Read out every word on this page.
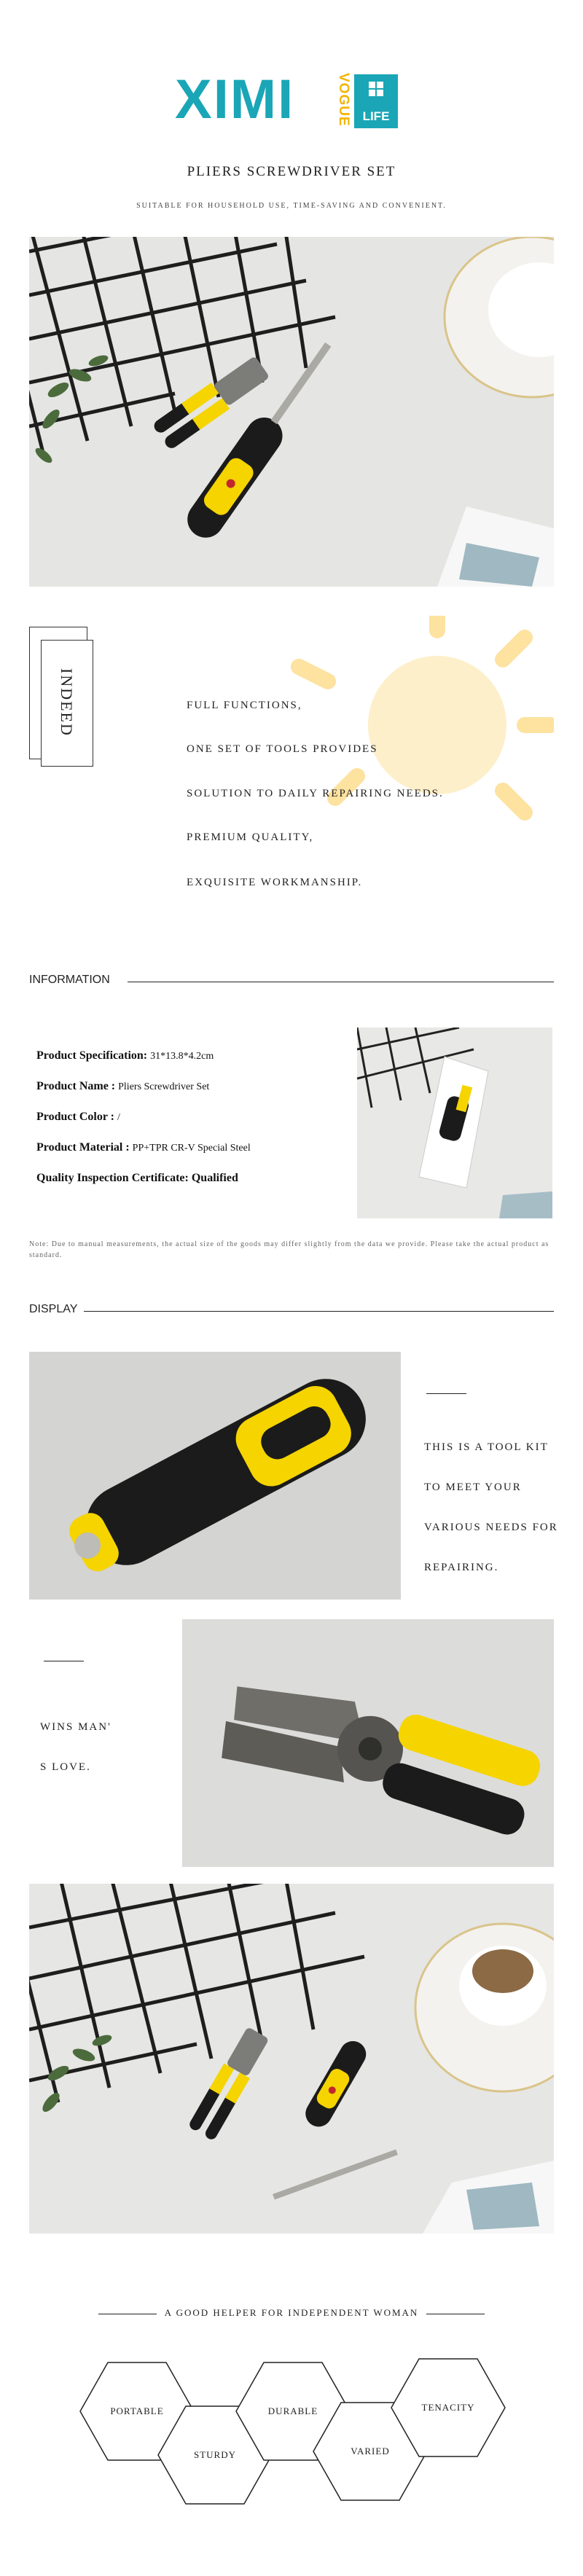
XIMI	VOGUE LIFE
PLIERS SCREWDRIVER SET
SUITABLE FOR HOUSEHOLD USE, TIME-SAVING AND CONVENIENT.
INDEED	FULL FUNCTIONS,
ONE SET OF TOOLS PROVIDES
SOLUTION TO DAILY REPAIRING NEEDS.
PREMIUM QUALITY,
EXQUISITE WORKMANSHIP.
INFORMATION
Product Specification: 31*13.8*4.2cm
Product Name : Pliers Screwdriver Set
Product Color : /
Product Material : PP+TPR CR-V Special Steel
Quality Inspection Certificate: Qualified
Note: Due to manual measurements, the actual size of the goods may differ slightly from the data we provide. Please take the actual product as standard.
DISPLAY
THIS IS A TOOL KIT
TO MEET YOUR
VARIOUS NEEDS FOR
REPAIRING.
WINS MAN'
S LOVE.
A GOOD HELPER FOR INDEPENDENT WOMAN
PORTABLE
STURDY
DURABLE
VARIED
TENACITY
